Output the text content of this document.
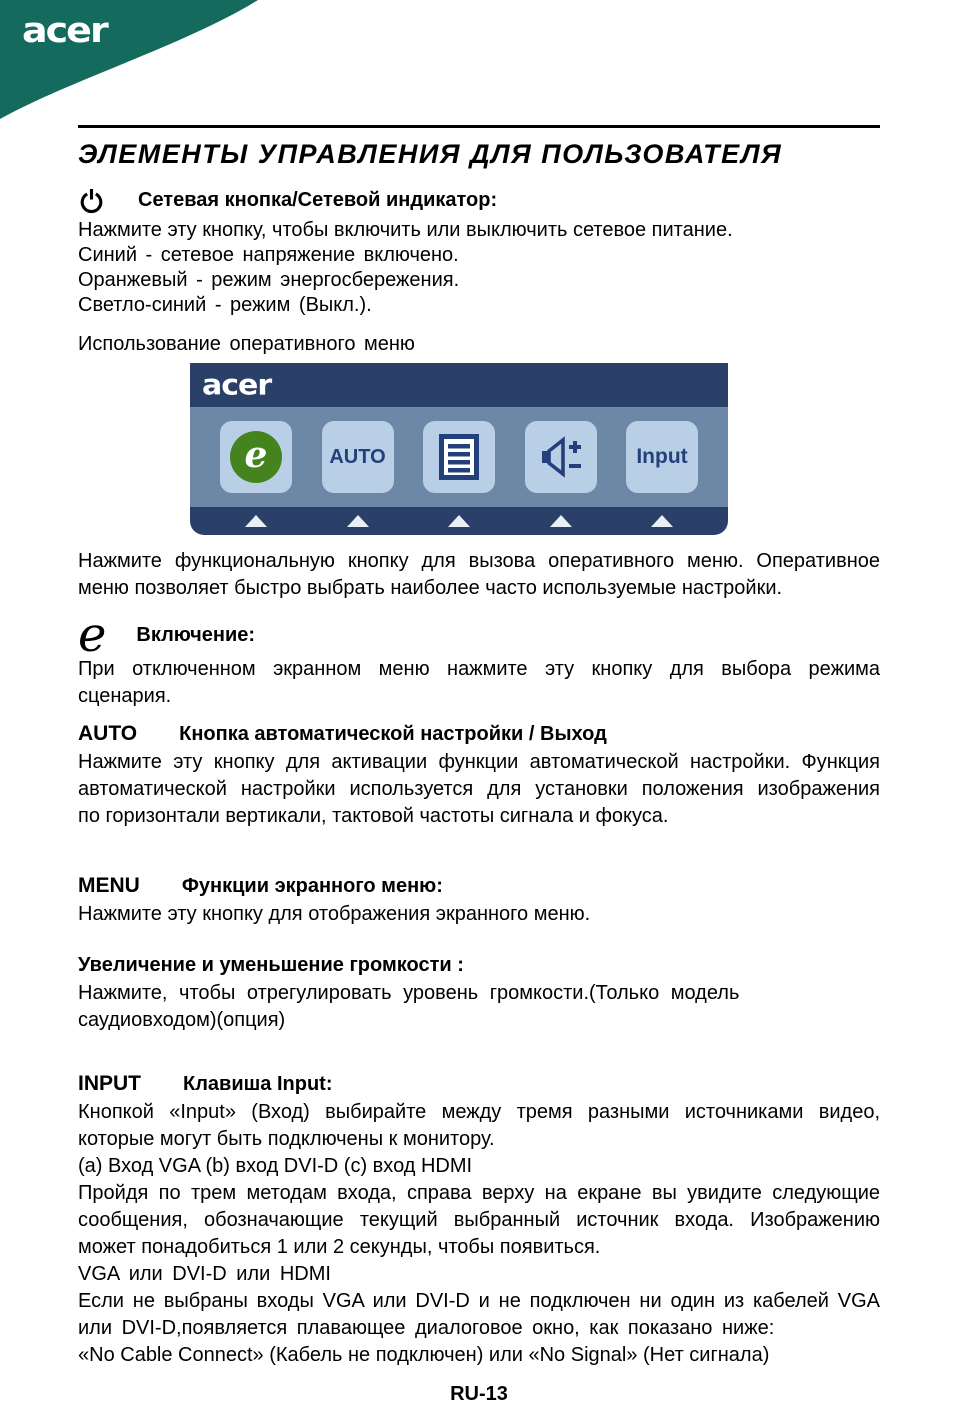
acer
ЭЛЕМЕНТЫ УПРАВЛЕНИЯ ДЛЯ ПОЛЬЗОВАТЕЛЯ
Сетевая кнопка/Сетевой индикатор:
Нажмите эту кнопку, чтобы включить или выключить сетевое питание.
Синий - сетевое напряжение включено.
Оранжевый - режим энергосбережения.
Светло-синий - режим (Выкл.).
Использование оперативного меню
acer
e	AUTO	Input
Нажмите функциональную кнопку для вызова оперативного меню. Оперативное
меню позволяет быстро выбрать наиболее часто используемые настройки.
e Включение:
При отключенном экранном меню нажмите эту кнопку для выбора режима
сценария.
AUTO Кнопка автоматической настройки / Выход
Нажмите эту кнопку для активации функции автоматической настройки. Функция
автоматической настройки используется для установки положения изображения
по горизонтали вертикали, тактовой частоты сигнала и фокуса.
MENU Функции экранного меню:
Нажмите эту кнопку для отображения экранного меню.
Увеличение и уменьшение громкости :
Нажмите, чтобы отрегулировать уровень громкости.(Только модель
саудиовходом)(опция)
INPUT Клавиша Input:
Кнопкой «Input» (Вход) выбирайте между тремя разными источниками видео,
которые могут быть подключены к монитору.
(a) Вход VGA (b) вход DVI-D (c) вход HDMI
Пройдя по трем методам входа, справа верху на екране вы увидите следующие
сообщения, обозначающие текущий выбранный источник входа. Изображению
может понадобиться 1 или 2 секунды, чтобы появиться.
VGA или DVI-D или HDMI
Если не выбраны входы VGA или DVI-D и не подключен ни один из кабелей VGA
или DVI-D,появляется плавающее диалоговое окно, как показано ниже:
«No Cable Connect» (Кабель не подключен) или «No Signal» (Нет сигнала)
RU-13
